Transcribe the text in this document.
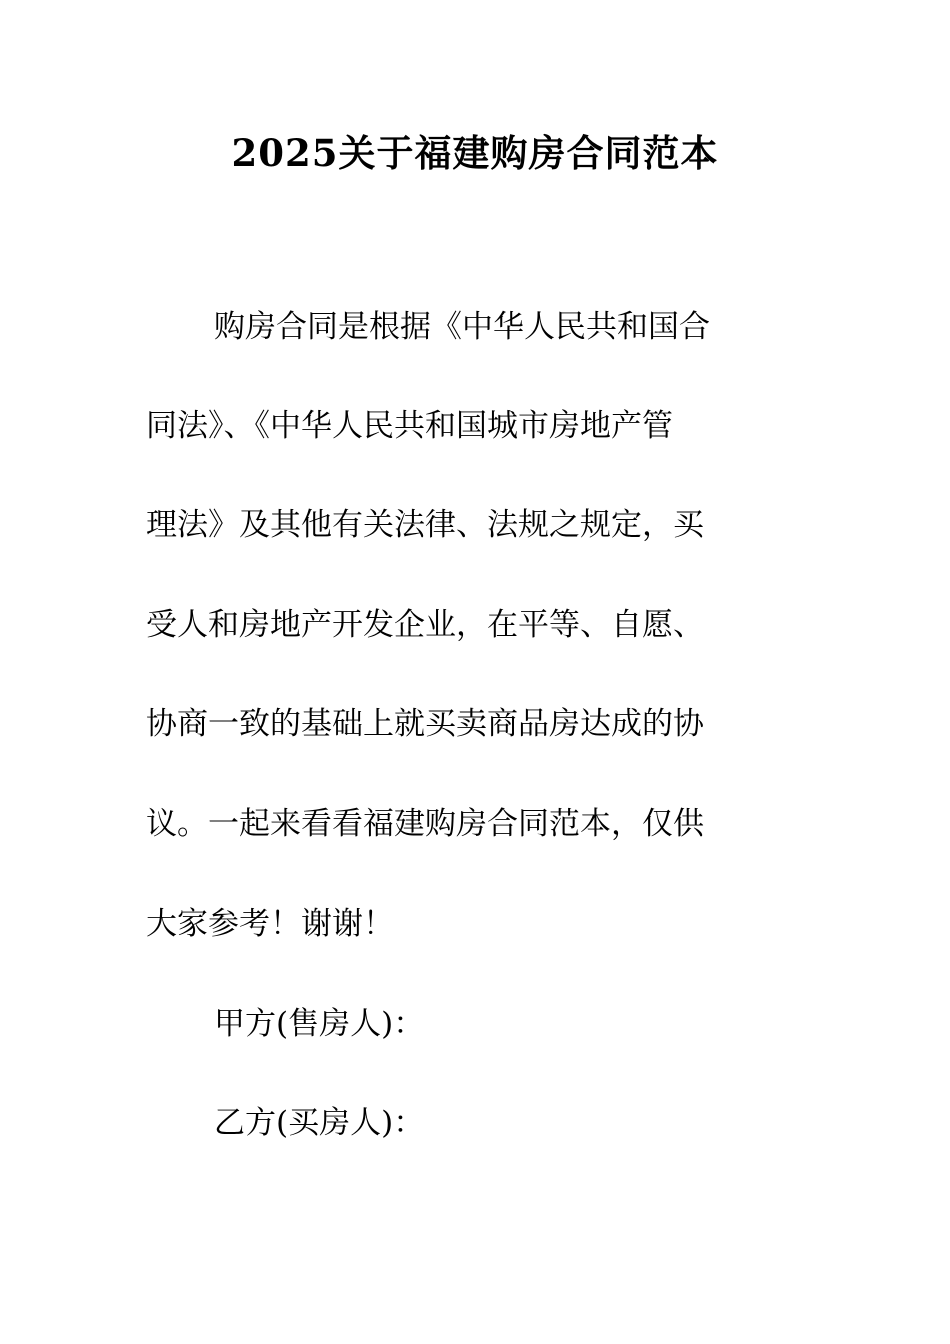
2025关于福建购房合同范本
购房合同是根据《中华人民共和国合
同法》、《中华人民共和国城市房地产管
理法》及其他有关法律、法规之规定，买
受人和房地产开发企业，在平等、自愿、
协商一致的基础上就买卖商品房达成的协
议。一起来看看福建购房合同范本，仅供
大家参考！谢谢！
甲方(售房人)：
乙方(买房人)：
